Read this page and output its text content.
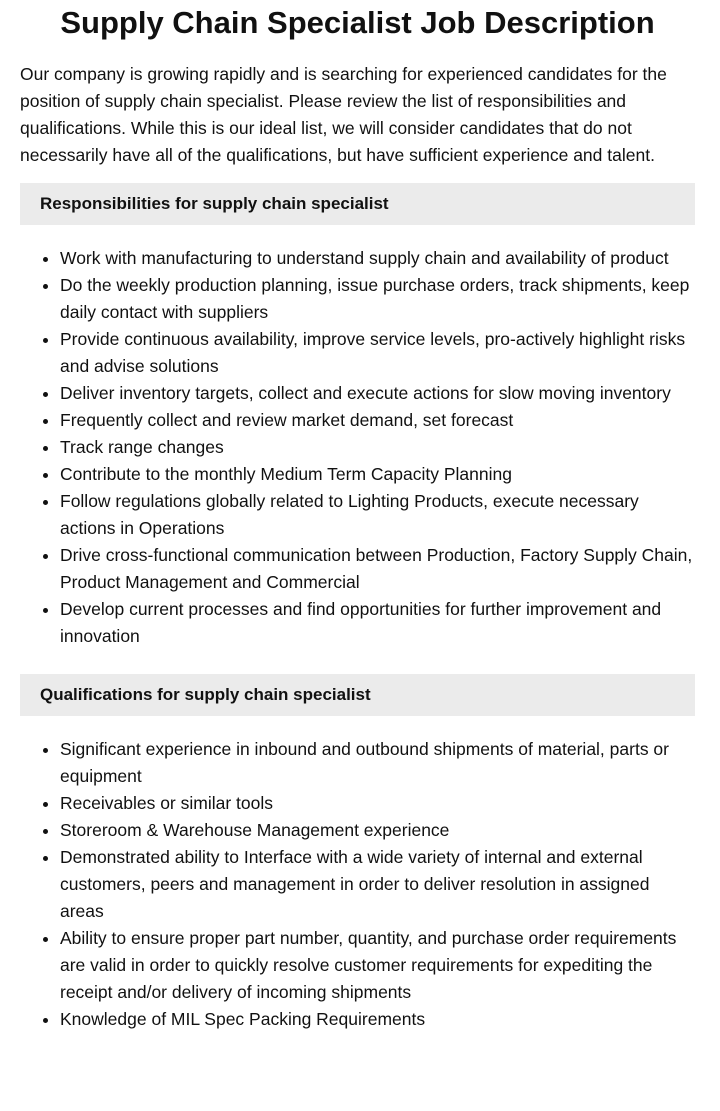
Supply Chain Specialist Job Description

Our company is growing rapidly and is searching for experienced candidates for the position of supply chain specialist. Please review the list of responsibilities and qualifications. While this is our ideal list, we will consider candidates that do not necessarily have all of the qualifications, but have sufficient experience and talent.

Responsibilities for supply chain specialist
• Work with manufacturing to understand supply chain and availability of product
• Do the weekly production planning, issue purchase orders, track shipments, keep daily contact with suppliers
• Provide continuous availability, improve service levels, pro-actively highlight risks and advise solutions
• Deliver inventory targets, collect and execute actions for slow moving inventory
• Frequently collect and review market demand, set forecast
• Track range changes
• Contribute to the monthly Medium Term Capacity Planning
• Follow regulations globally related to Lighting Products, execute necessary actions in Operations
• Drive cross-functional communication between Production, Factory Supply Chain, Product Management and Commercial
• Develop current processes and find opportunities for further improvement and innovation
Qualifications for supply chain specialist
• Significant experience in inbound and outbound shipments of material, parts or equipment
• Receivables or similar tools
• Storeroom & Warehouse Management experience
• Demonstrated ability to Interface with a wide variety of internal and external customers, peers and management in order to deliver resolution in assigned areas
• Ability to ensure proper part number, quantity, and purchase order requirements are valid in order to quickly resolve customer requirements for expediting the receipt and/or delivery of incoming shipments
• Knowledge of MIL Spec Packing Requirements
